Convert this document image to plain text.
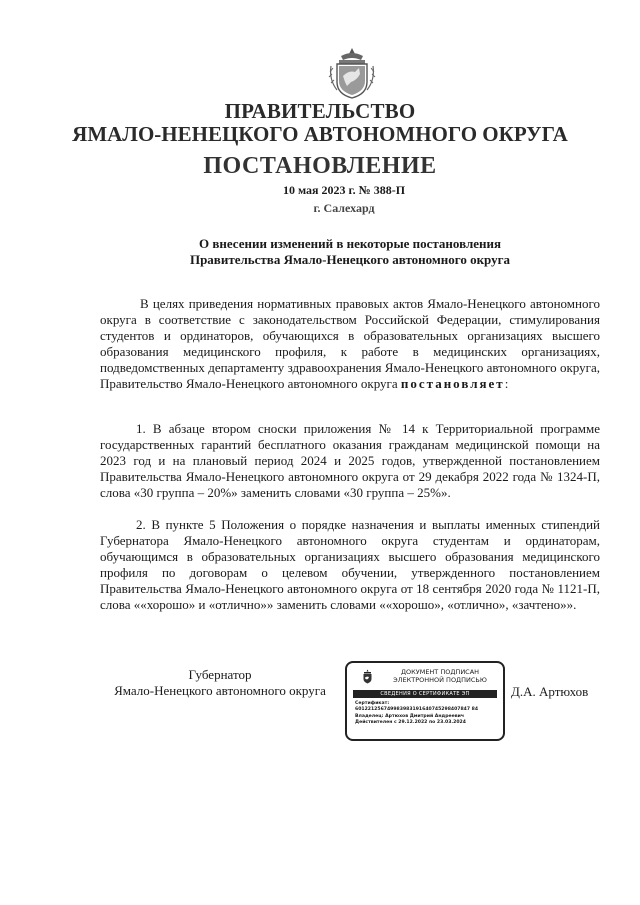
ПРАВИТЕЛЬСТВО
ЯМАЛО-НЕНЕЦКОГО АВТОНОМНОГО ОКРУГА
ПОСТАНОВЛЕНИЕ
10 мая 2023 г. № 388-П
г. Салехард
О внесении изменений в некоторые постановления
Правительства Ямало-Ненецкого автономного округа
В целях приведения нормативных правовых актов Ямало-Ненецкого автономного округа в соответствие с законодательством Российской Федерации, стимулирования студентов и ординаторов, обучающихся в образовательных организациях высшего образования медицинского профиля, к работе в медицинских организациях, подведомственных департаменту здравоохранения Ямало-Ненецкого автономного округа, Правительство Ямало-Ненецкого автономного округа постановляет:
1. В абзаце втором сноски приложения № 14 к Территориальной программе государственных гарантий бесплатного оказания гражданам медицинской помощи на 2023 год и на плановый период 2024 и 2025 годов, утвержденной постановлением Правительства Ямало-Ненецкого автономного округа от 29 декабря 2022 года № 1324-П, слова «30 группа – 20%» заменить словами «30 группа – 25%».
2. В пункте 5 Положения о порядке назначения и выплаты именных стипендий Губернатора Ямало-Ненецкого автономного округа студентам и ординаторам, обучающимся в образовательных организациях высшего образования медицинского профиля по договорам о целевом обучении, утвержденного постановлением Правительства Ямало-Ненецкого автономного округа от 18 сентября 2020 года № 1121-П, слова ««хорошо» и «отлично»» заменить словами ««хорошо», «отлично», «зачтено»».
Губернатор
Ямало-Ненецкого автономного округа
ДОКУМЕНТ ПОДПИСАН
ЭЛЕКТРОННОЙ ПОДПИСЬЮ
СВЕДЕНИЯ О СЕРТИФИКАТЕ ЭП
Сертификат:
601221256749983983191640745298407847 84
Владелец: Артюхов Дмитрий Андреевич
Действителен с 29.12.2022 по 23.03.2024
Д.А. Артюхов
